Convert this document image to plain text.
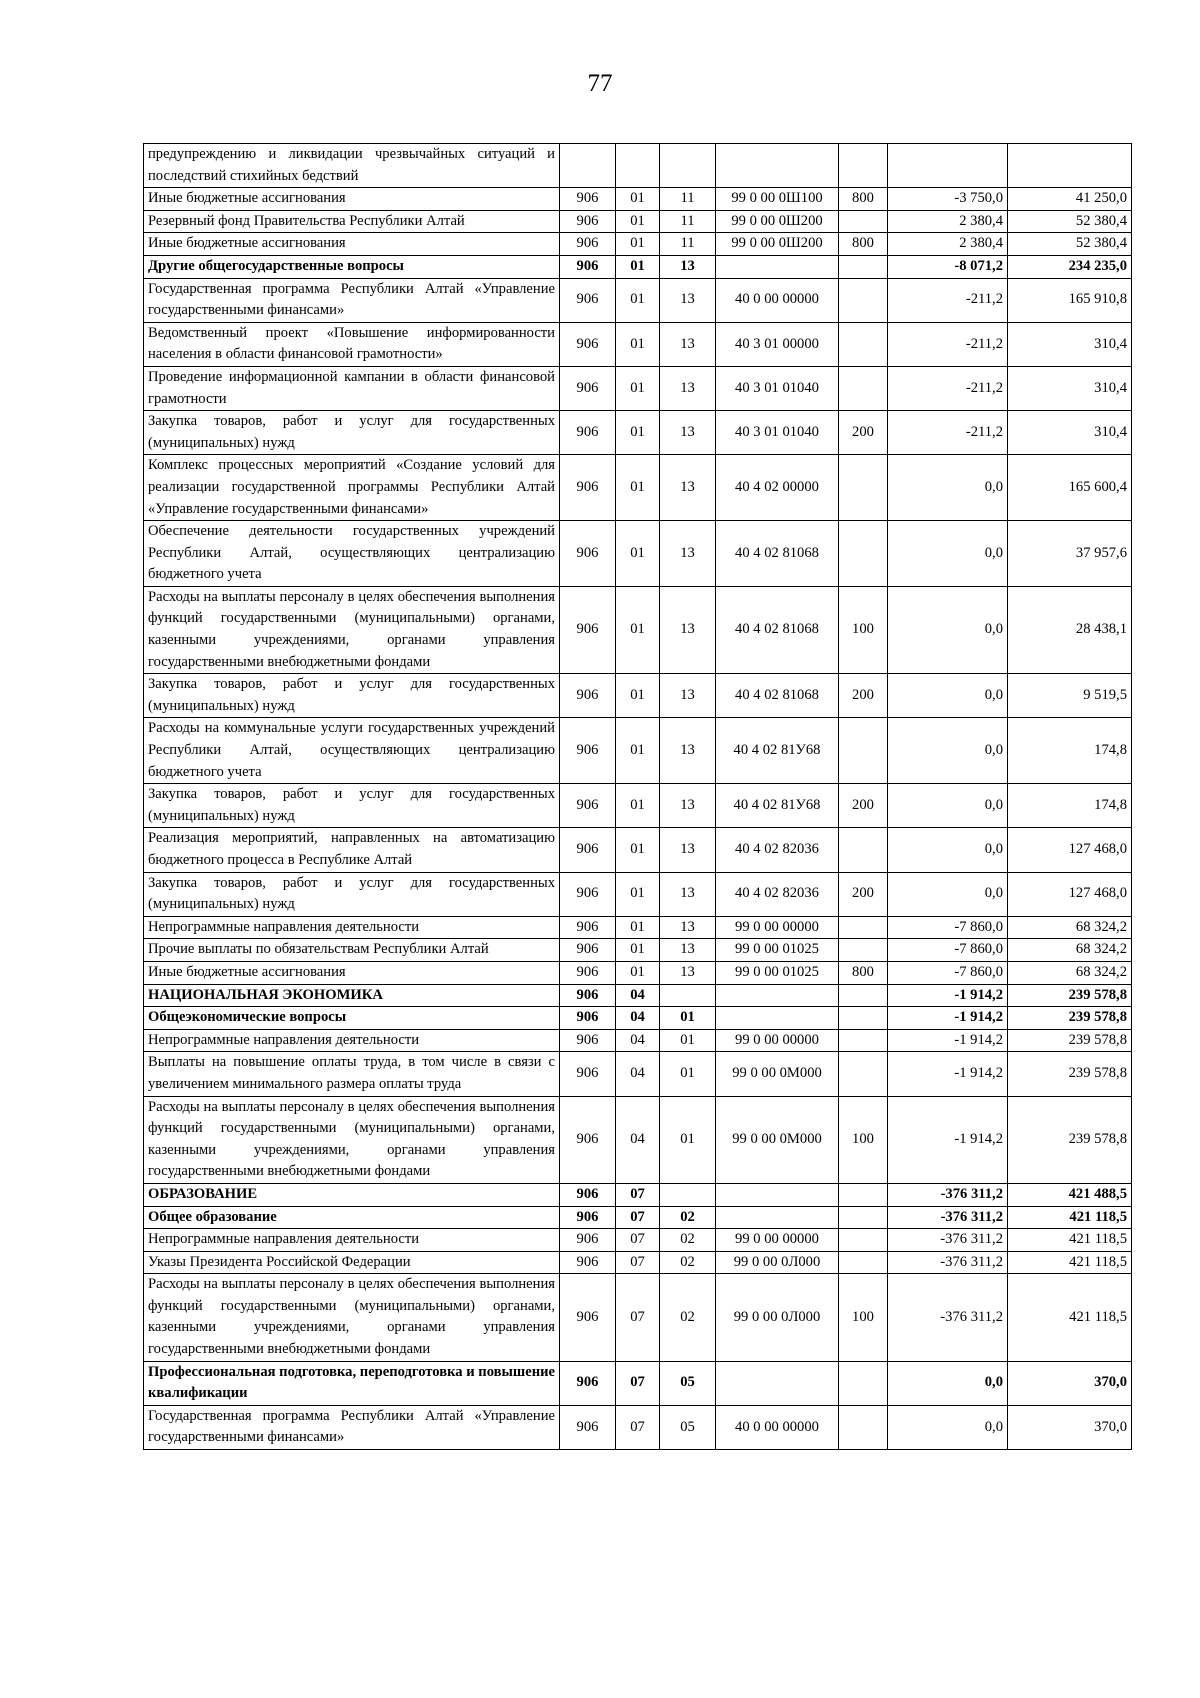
77
предупреждению и ликвидации чрезвычайных ситуаций и последствий стихийных бедствий							
Иные бюджетные ассигнования	906	01	11	99 0 00 0Ш100	800	-3 750,0	41 250,0
Резервный фонд Правительства Республики Алтай	906	01	11	99 0 00 0Ш200		2 380,4	52 380,4
Иные бюджетные ассигнования	906	01	11	99 0 00 0Ш200	800	2 380,4	52 380,4
Другие общегосударственные вопросы	906	01	13			-8 071,2	234 235,0
Государственная программа Республики Алтай «Управление государственными финансами»	906	01	13	40 0 00 00000		-211,2	165 910,8
Ведомственный проект «Повышение информированности населения в области финансовой грамотности»	906	01	13	40 3 01 00000		-211,2	310,4
Проведение информационной кампании в области финансовой грамотности	906	01	13	40 3 01 01040		-211,2	310,4
Закупка товаров, работ и услуг для государственных (муниципальных) нужд	906	01	13	40 3 01 01040	200	-211,2	310,4
Комплекс процессных мероприятий «Создание условий для реализации государственной программы Республики Алтай «Управление государственными финансами»	906	01	13	40 4 02 00000		0,0	165 600,4
Обеспечение деятельности государственных учреждений Республики Алтай, осуществляющих централизацию бюджетного учета	906	01	13	40 4 02 81068		0,0	37 957,6
Расходы на выплаты персоналу в целях обеспечения выполнения функций государственными (муниципальными) органами, казенными учреждениями, органами управления государственными внебюджетными фондами	906	01	13	40 4 02 81068	100	0,0	28 438,1
Закупка товаров, работ и услуг для государственных (муниципальных) нужд	906	01	13	40 4 02 81068	200	0,0	9 519,5
Расходы на коммунальные услуги государственных учреждений Республики Алтай, осуществляющих централизацию бюджетного учета	906	01	13	40 4 02 81У68		0,0	174,8
Закупка товаров, работ и услуг для государственных (муниципальных) нужд	906	01	13	40 4 02 81У68	200	0,0	174,8
Реализация мероприятий, направленных на автоматизацию бюджетного процесса в Республике Алтай	906	01	13	40 4 02 82036		0,0	127 468,0
Закупка товаров, работ и услуг для государственных (муниципальных) нужд	906	01	13	40 4 02 82036	200	0,0	127 468,0
Непрограммные направления деятельности	906	01	13	99 0 00 00000		-7 860,0	68 324,2
Прочие выплаты по обязательствам Республики Алтай	906	01	13	99 0 00 01025		-7 860,0	68 324,2
Иные бюджетные ассигнования	906	01	13	99 0 00 01025	800	-7 860,0	68 324,2
НАЦИОНАЛЬНАЯ ЭКОНОМИКА	906	04				-1 914,2	239 578,8
Общеэкономические вопросы	906	04	01			-1 914,2	239 578,8
Непрограммные направления деятельности	906	04	01	99 0 00 00000		-1 914,2	239 578,8
Выплаты на повышение оплаты труда, в том числе в связи с увеличением минимального размера оплаты труда	906	04	01	99 0 00 0М000		-1 914,2	239 578,8
Расходы на выплаты персоналу в целях обеспечения выполнения функций государственными (муниципальными) органами, казенными учреждениями, органами управления государственными внебюджетными фондами	906	04	01	99 0 00 0М000	100	-1 914,2	239 578,8
ОБРАЗОВАНИЕ	906	07				-376 311,2	421 488,5
Общее образование	906	07	02			-376 311,2	421 118,5
Непрограммные направления деятельности	906	07	02	99 0 00 00000		-376 311,2	421 118,5
Указы Президента Российской Федерации	906	07	02	99 0 00 0Л000		-376 311,2	421 118,5
Расходы на выплаты персоналу в целях обеспечения выполнения функций государственными (муниципальными) органами, казенными учреждениями, органами управления государственными внебюджетными фондами	906	07	02	99 0 00 0Л000	100	-376 311,2	421 118,5
Профессиональная подготовка, переподготовка и повышение квалификации	906	07	05			0,0	370,0
Государственная программа Республики Алтай «Управление государственными финансами»	906	07	05	40 0 00 00000		0,0	370,0
